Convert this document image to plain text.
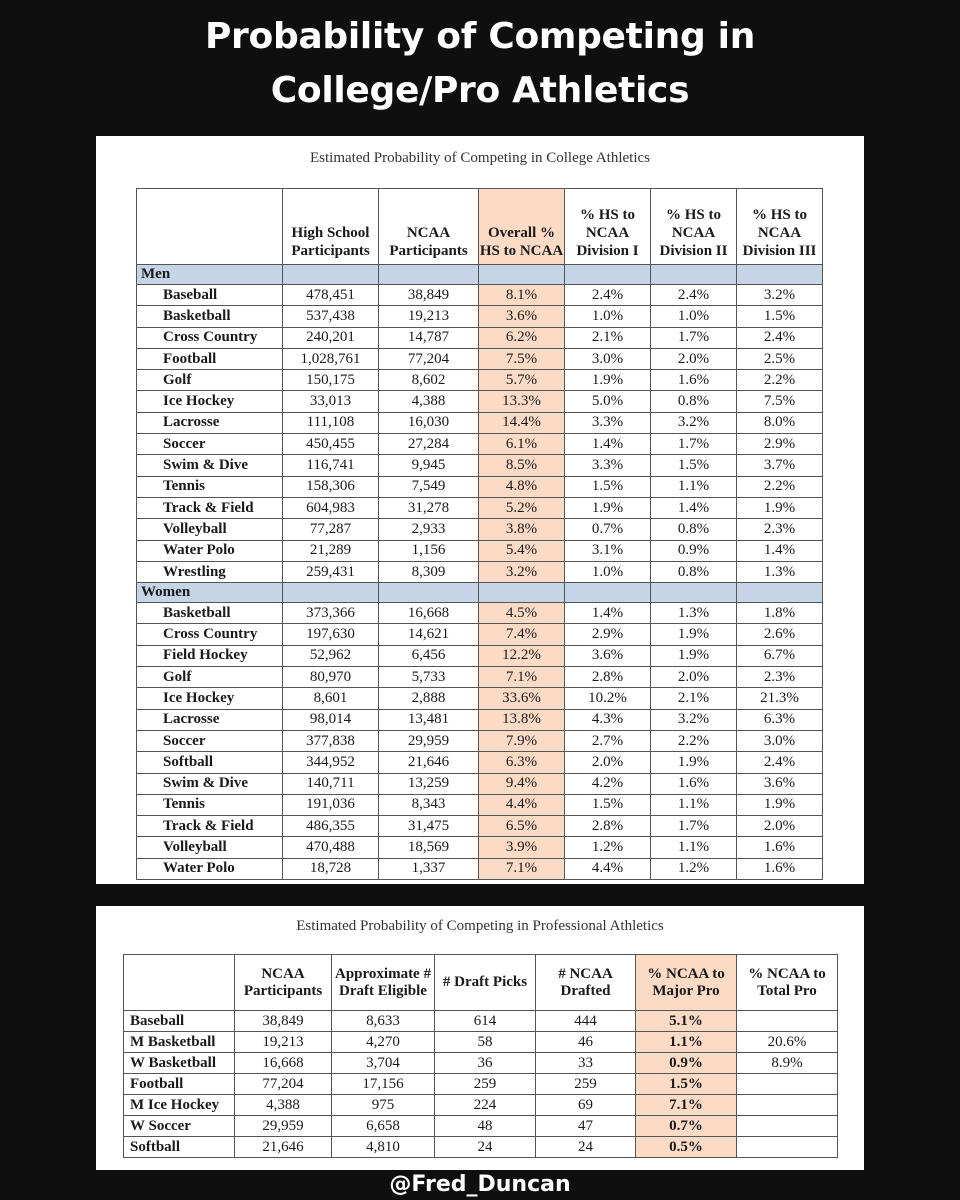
Probability of Competing in
College/Pro Athletics
Estimated Probability of Competing in College Athletics
	High School Participants	NCAA Participants	Overall % HS to NCAA	% HS to NCAA Division I	% HS to NCAA Division II	% HS to NCAA Division III
Men						
Baseball	478,451	38,849	8.1%	2.4%	2.4%	3.2%
Basketball	537,438	19,213	3.6%	1.0%	1.0%	1.5%
Cross Country	240,201	14,787	6.2%	2.1%	1.7%	2.4%
Football	1,028,761	77,204	7.5%	3.0%	2.0%	2.5%
Golf	150,175	8,602	5.7%	1.9%	1.6%	2.2%
Ice Hockey	33,013	4,388	13.3%	5.0%	0.8%	7.5%
Lacrosse	111,108	16,030	14.4%	3.3%	3.2%	8.0%
Soccer	450,455	27,284	6.1%	1.4%	1.7%	2.9%
Swim & Dive	116,741	9,945	8.5%	3.3%	1.5%	3.7%
Tennis	158,306	7,549	4.8%	1.5%	1.1%	2.2%
Track & Field	604,983	31,278	5.2%	1.9%	1.4%	1.9%
Volleyball	77,287	2,933	3.8%	0.7%	0.8%	2.3%
Water Polo	21,289	1,156	5.4%	3.1%	0.9%	1.4%
Wrestling	259,431	8,309	3.2%	1.0%	0.8%	1.3%
Women						
Basketball	373,366	16,668	4.5%	1.4%	1.3%	1.8%
Cross Country	197,630	14,621	7.4%	2.9%	1.9%	2.6%
Field Hockey	52,962	6,456	12.2%	3.6%	1.9%	6.7%
Golf	80,970	5,733	7.1%	2.8%	2.0%	2.3%
Ice Hockey	8,601	2,888	33.6%	10.2%	2.1%	21.3%
Lacrosse	98,014	13,481	13.8%	4.3%	3.2%	6.3%
Soccer	377,838	29,959	7.9%	2.7%	2.2%	3.0%
Softball	344,952	21,646	6.3%	2.0%	1.9%	2.4%
Swim & Dive	140,711	13,259	9.4%	4.2%	1.6%	3.6%
Tennis	191,036	8,343	4.4%	1.5%	1.1%	1.9%
Track & Field	486,355	31,475	6.5%	2.8%	1.7%	2.0%
Volleyball	470,488	18,569	3.9%	1.2%	1.1%	1.6%
Water Polo	18,728	1,337	7.1%	4.4%	1.2%	1.6%
Estimated Probability of Competing in Professional Athletics
	NCAA Participants	Approximate # Draft Eligible	# Draft Picks	# NCAA Drafted	% NCAA to Major Pro	% NCAA to Total Pro
Baseball	38,849	8,633	614	444	5.1%	
M Basketball	19,213	4,270	58	46	1.1%	20.6%
W Basketball	16,668	3,704	36	33	0.9%	8.9%
Football	77,204	17,156	259	259	1.5%	
M Ice Hockey	4,388	975	224	69	7.1%	
W Soccer	29,959	6,658	48	47	0.7%	
Softball	21,646	4,810	24	24	0.5%	
@Fred_Duncan
